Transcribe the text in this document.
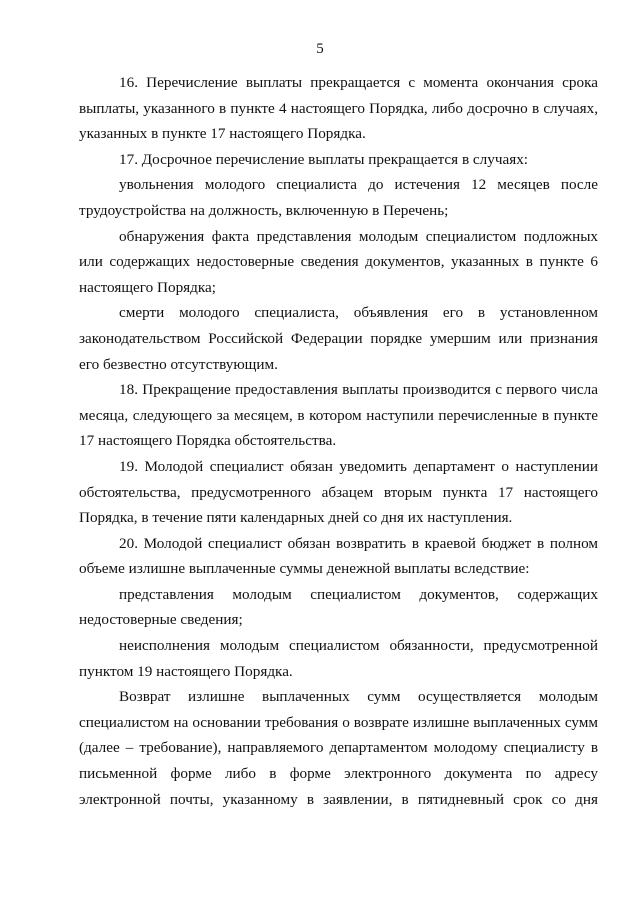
5

16. Перечисление выплаты прекращается с момента окончания срока выплаты, указанного в пункте 4 настоящего Порядка, либо досрочно в случаях, указанных в пункте 17 настоящего Порядка.

17. Досрочное перечисление выплаты прекращается в случаях:

увольнения молодого специалиста до истечения 12 месяцев после трудоустройства на должность, включенную в Перечень;

обнаружения факта представления молодым специалистом подложных или содержащих недостоверные сведения документов, указанных в пункте 6 настоящего Порядка;

смерти молодого специалиста, объявления его в установленном законодательством Российской Федерации порядке умершим или признания его безвестно отсутствующим.

18. Прекращение предоставления выплаты производится с первого числа месяца, следующего за месяцем, в котором наступили перечисленные в пункте 17 настоящего Порядка обстоятельства.

19. Молодой специалист обязан уведомить департамент о наступлении обстоятельства, предусмотренного абзацем вторым пункта 17 настоящего Порядка, в течение пяти календарных дней со дня их наступления.

20. Молодой специалист обязан возвратить в краевой бюджет в полном объеме излишне выплаченные суммы денежной выплаты вследствие:

представления молодым специалистом документов, содержащих недостоверные сведения;

неисполнения молодым специалистом обязанности, предусмотренной пунктом 19 настоящего Порядка.

Возврат излишне выплаченных сумм осуществляется молодым специалистом на основании требования о возврате излишне выплаченных сумм (далее – требование), направляемого департаментом молодому специалисту в письменной форме либо в форме электронного документа по адресу электронной почты, указанному в заявлении, в пятидневный срок со дня
